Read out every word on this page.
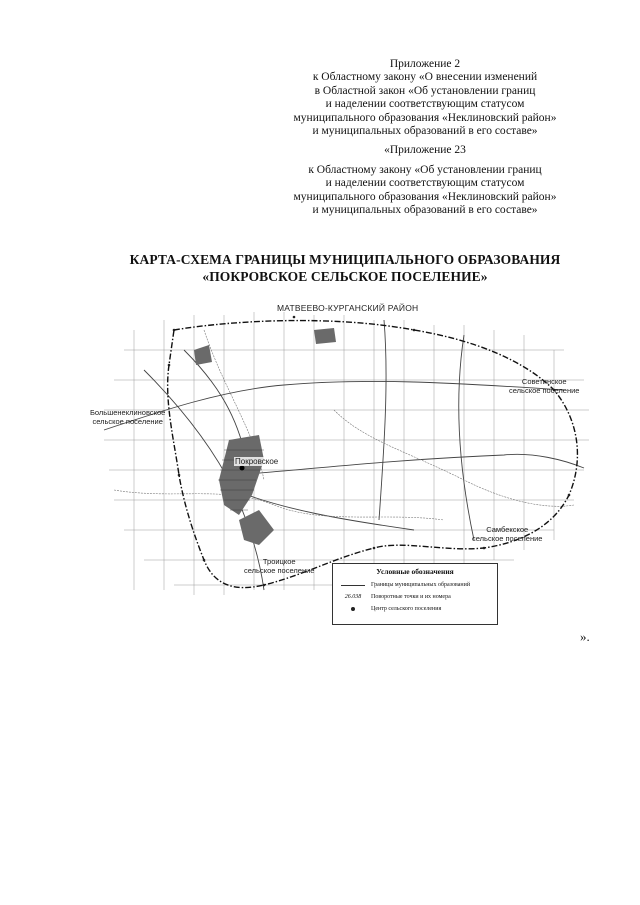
Приложение 2
к Областному закону «О внесении изменений
в Областной закон «Об установлении границ
и наделении соответствующим статусом
муниципального образования «Неклиновский район»
и муниципальных образований в его составе»
«Приложение 23
к Областному закону «Об установлении границ
и наделении соответствующим статусом
муниципального образования «Неклиновский район»
и муниципальных образований в его составе»
КАРТА-СХЕМА ГРАНИЦЫ МУНИЦИПАЛЬНОГО ОБРАЗОВАНИЯ
«ПОКРОВСКОЕ СЕЛЬСКОЕ ПОСЕЛЕНИЕ»
МАТВЕЕВО-КУРГАНСКИЙ РАЙОН
Большенеклиновское
сельское поселение
Советинское
сельское поселение
Самбекское
сельское поселение
Троицкое
сельское поселение
Покровское
Условные обозначения
Границы муниципальных образований
26.038	Поворотные точки и их номера
Центр сельского поселения
».
